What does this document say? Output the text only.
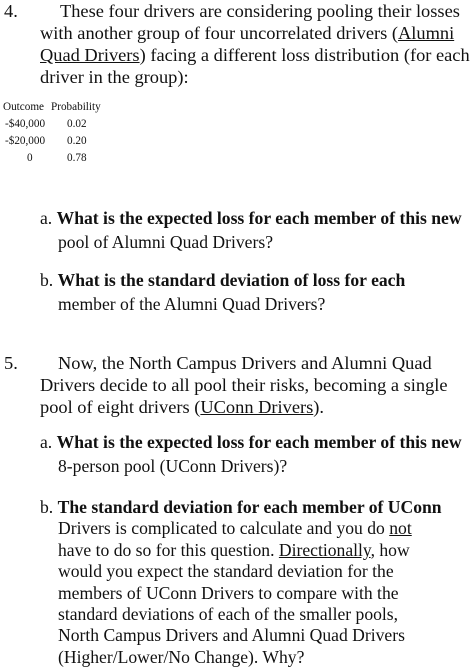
4. These four drivers are considering pooling their losses
with another group of four uncorrelated drivers (Alumni
Quad Drivers) facing a different loss distribution (for each
driver in the group):
Outcome Probability
-$40,000 0.02
-$20,000 0.20
0	0.78
a. What is the expected loss for each member of this new
pool of Alumni Quad Drivers?
b. What is the standard deviation of loss for each
member of the Alumni Quad Drivers?
5. Now, the North Campus Drivers and Alumni Quad
Drivers decide to all pool their risks, becoming a single
pool of eight drivers (UConn Drivers).
a. What is the expected loss for each member of this new
8-person pool (UConn Drivers)?
b. The standard deviation for each member of UConn
Drivers is complicated to calculate and you do not
have to do so for this question. Directionally, how
would you expect the standard deviation for the
members of UConn Drivers to compare with the
standard deviations of each of the smaller pools,
North Campus Drivers and Alumni Quad Drivers
(Higher/Lower/No Change). Why?
